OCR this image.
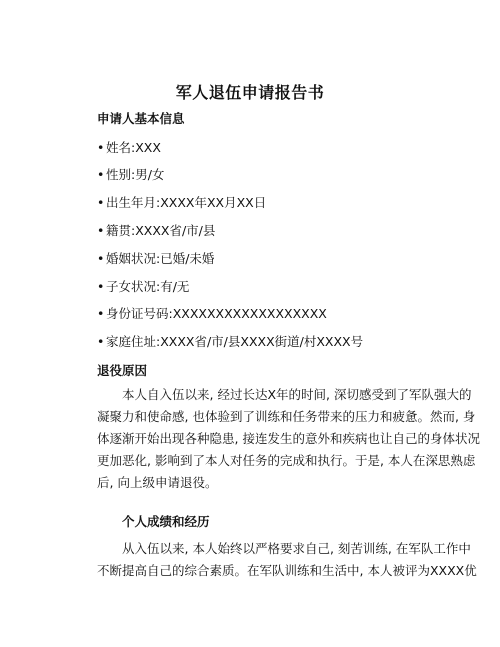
军人退伍申请报告书
申请人基本信息
• 姓名:XXX
• 性别:男/女
• 出生年月:XXXX年XX月XX日
• 籍贯:XXXX省/市/县
• 婚姻状况:已婚/未婚
• 子女状况:有/无
• 身份证号码:XXXXXXXXXXXXXXXXXX
• 家庭住址:XXXX省/市/县XXXX街道/村XXXX号
退役原因
本人自入伍以来, 经过长达X年的时间, 深切感受到了军队强大的
凝聚力和使命感, 也体验到了训练和任务带来的压力和疲惫。然而, 身
体逐渐开始出现各种隐患, 接连发生的意外和疾病也让自己的身体状况
更加恶化, 影响到了本人对任务的完成和执行。于是, 本人在深思熟虑
后, 向上级申请退役。
个人成绩和经历
从入伍以来, 本人始终以严格要求自己, 刻苦训练, 在军队工作中
不断提高自己的综合素质。在军队训练和生活中, 本人被评为XXXX优
